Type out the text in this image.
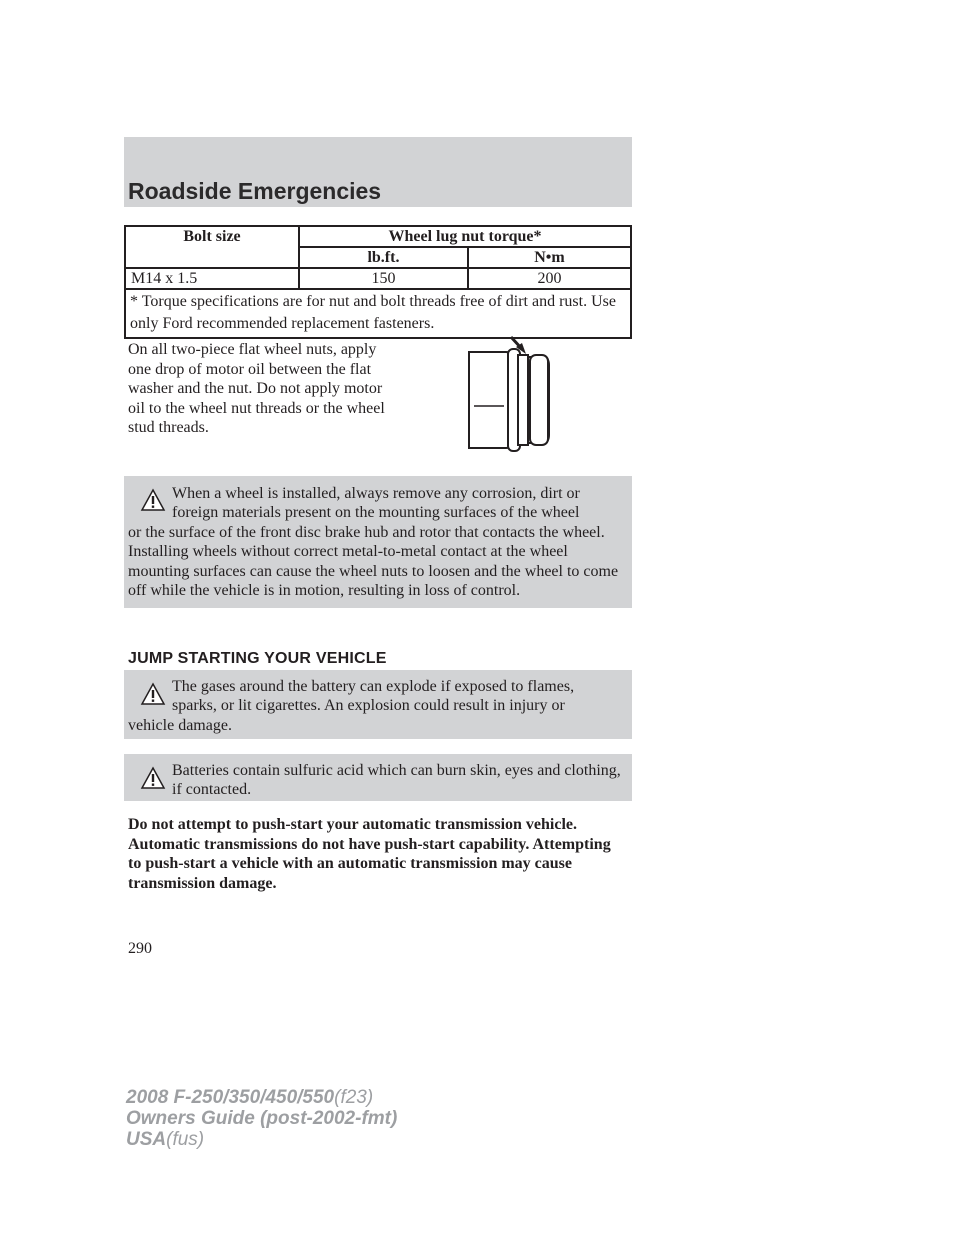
Roadside Emergencies
Bolt size	Wheel lug nut torque*	
	lb.ft.	N•m
M14 x 1.5	150	200
* Torque specifications are for nut and bolt threads free of dirt and rust. Use only Ford recommended replacement fasteners.		
On all two-piece flat wheel nuts, apply one drop of motor oil between the flat washer and the nut. Do not apply motor oil to the wheel nut threads or the wheel stud threads.

When a wheel is installed, always remove any corrosion, dirt or foreign materials present on the mounting surfaces of the wheel

or the surface of the front disc brake hub and rotor that contacts the wheel. Installing wheels without correct metal-to-metal contact at the wheel mounting surfaces can cause the wheel nuts to loosen and the wheel to come off while the vehicle is in motion, resulting in loss of control.

JUMP STARTING YOUR VEHICLE

The gases around the battery can explode if exposed to flames, sparks, or lit cigarettes. An explosion could result in injury or

vehicle damage.

Batteries contain sulfuric acid which can burn skin, eyes and clothing, if contacted.

Do not attempt to push-start your automatic transmission vehicle. Automatic transmissions do not have push-start capability. Attempting to push-start a vehicle with an automatic transmission may cause transmission damage.

290
2008 F-250/350/450/550(f23)
Owners Guide (post-2002-fmt)
USA(fus)
